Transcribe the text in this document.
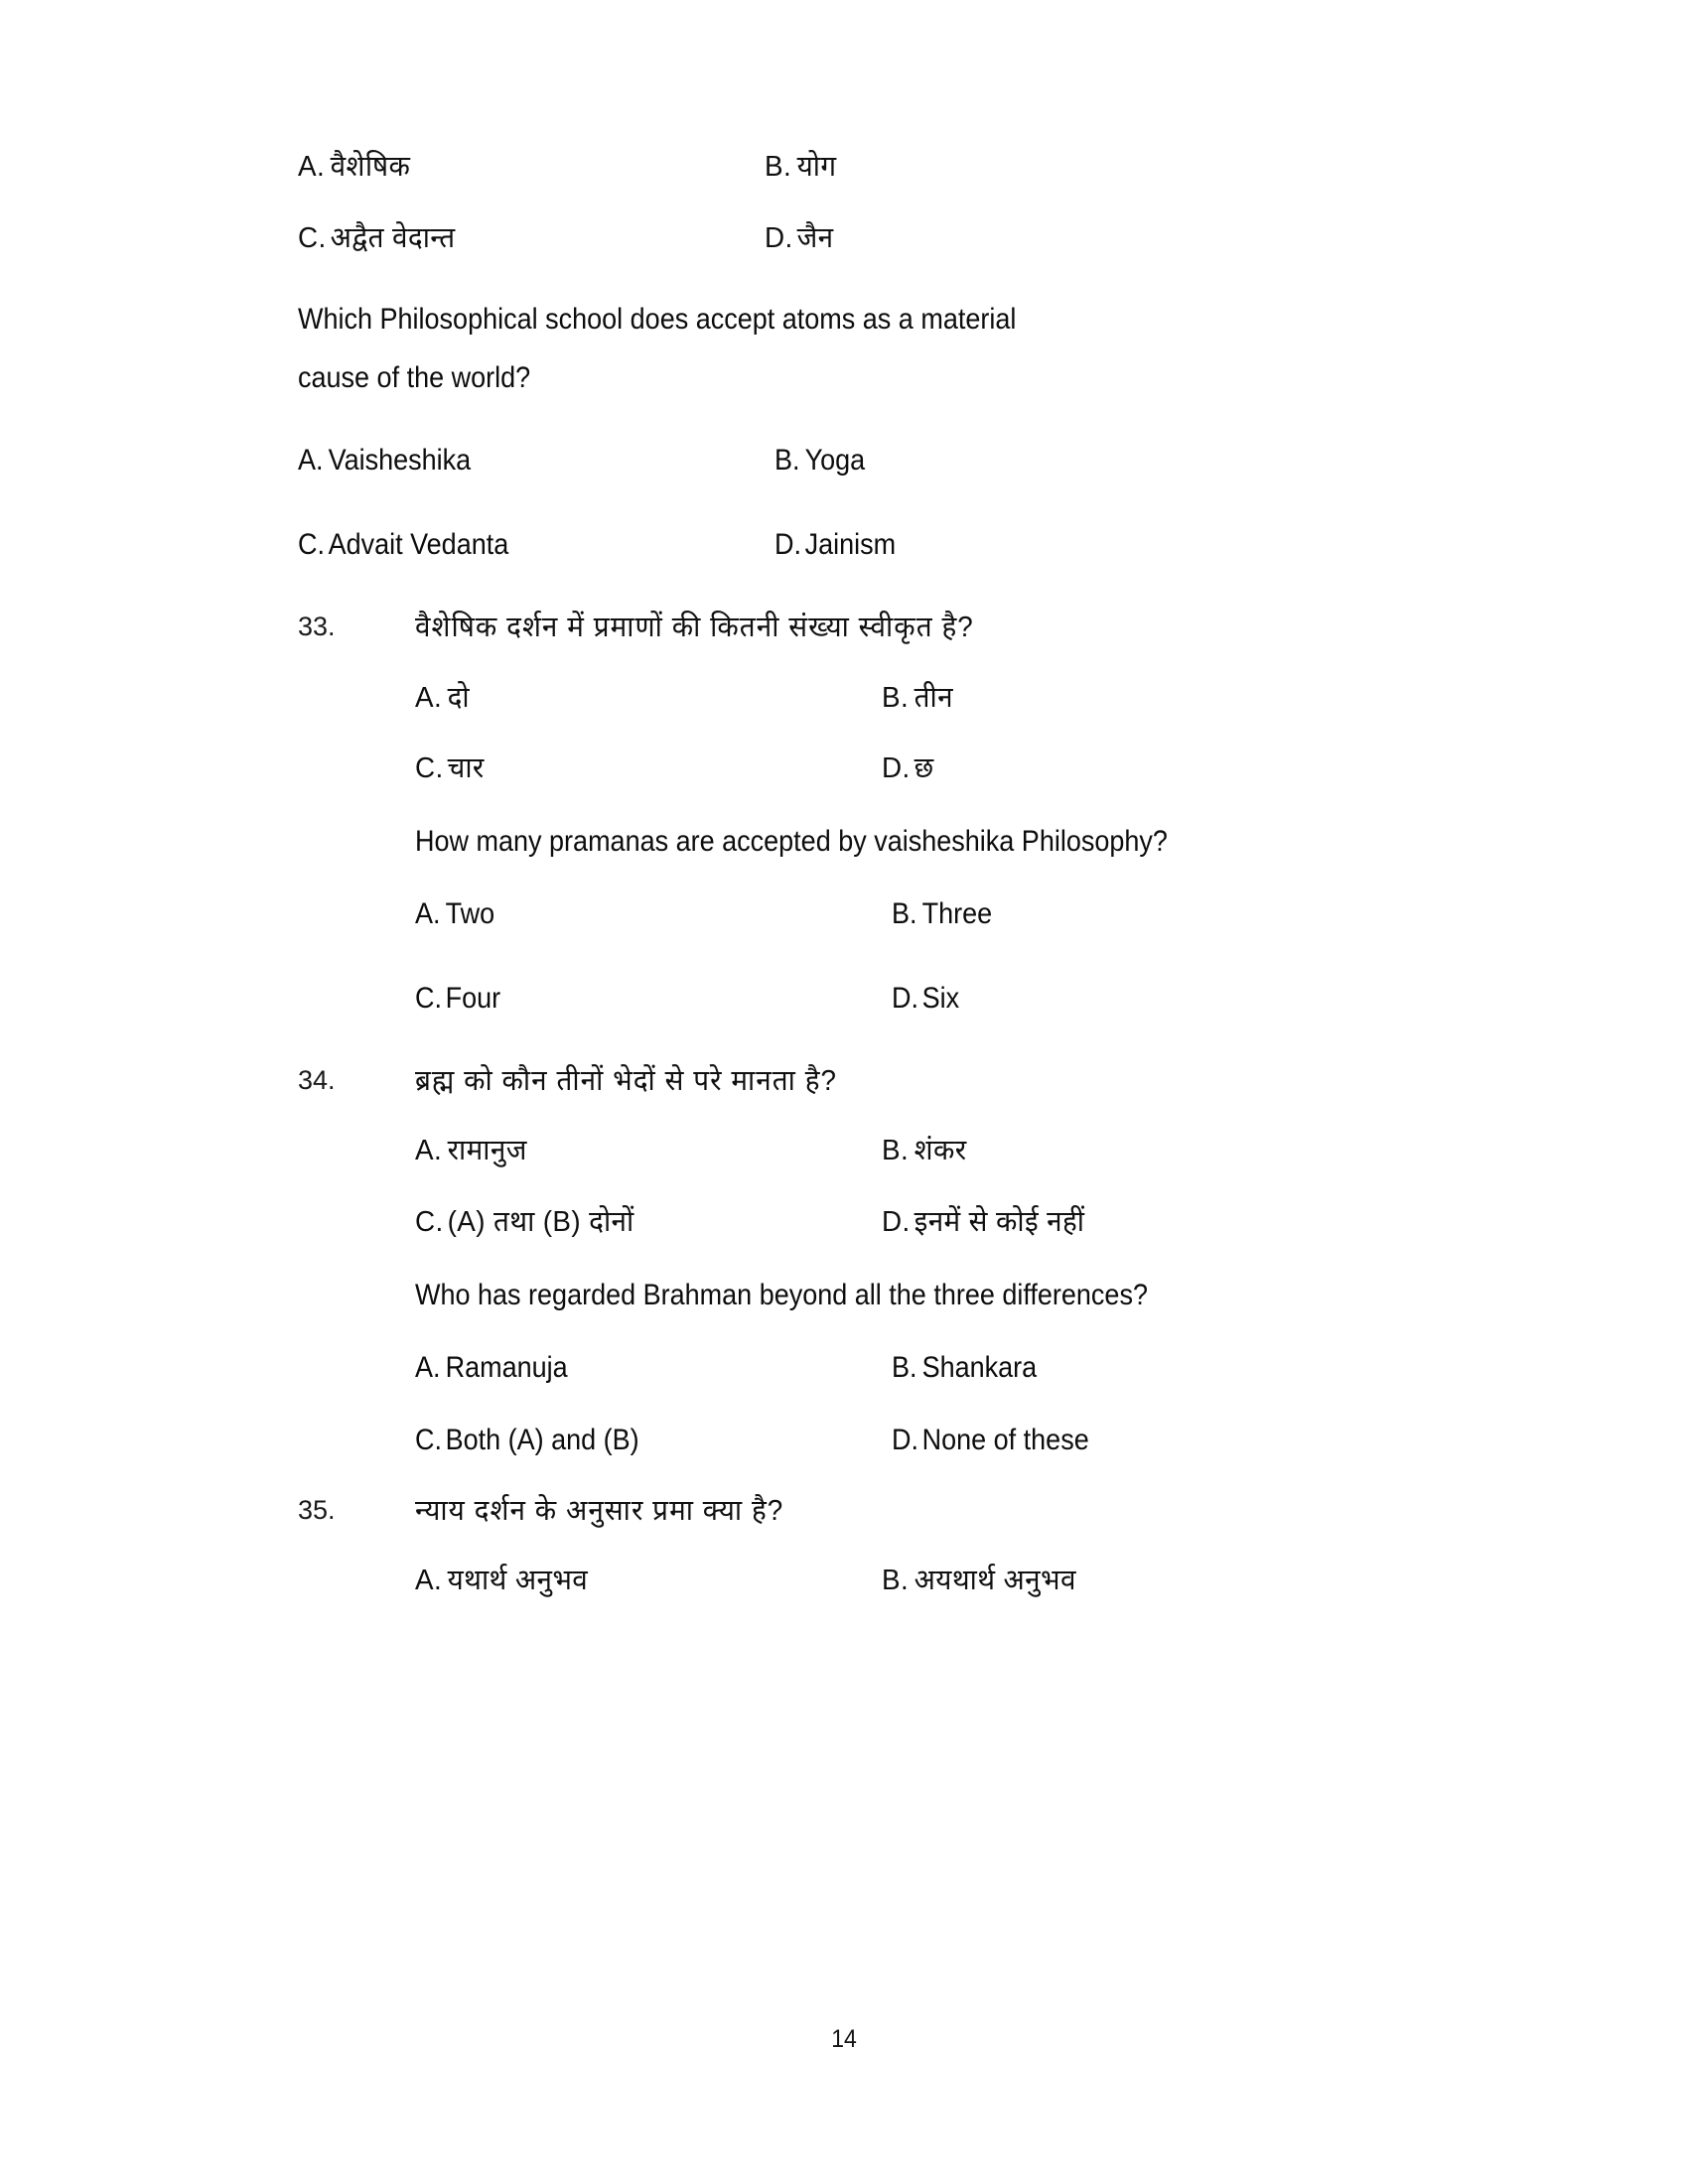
A. वैशेषिक	B. योग
C. अद्वैत वेदान्त	D. जैन
Which Philosophical school does accept atoms as a material
cause of the world?
A. Vaisheshika	B. Yoga
C. Advait Vedanta	D. Jainism
33.	वैशेषिक दर्शन में प्रमाणों की कितनी संख्या स्वीकृत है?
A. दो	B. तीन
C. चार	D. छ
How many pramanas are accepted by vaisheshika Philosophy?
A. Two	B. Three
C. Four	D. Six
34.	ब्रह्म को कौन तीनों भेदों से परे मानता है?
A. रामानुज	B. शंकर
C. (A) तथा (B) दोनों	D. इनमें से कोई नहीं
Who has regarded Brahman beyond all the three differences?
A. Ramanuja	B. Shankara
C. Both (A) and (B)	D. None of these
35.	न्याय दर्शन के अनुसार प्रमा क्या है?
A. यथार्थ अनुभव	B. अयथार्थ अनुभव
14
